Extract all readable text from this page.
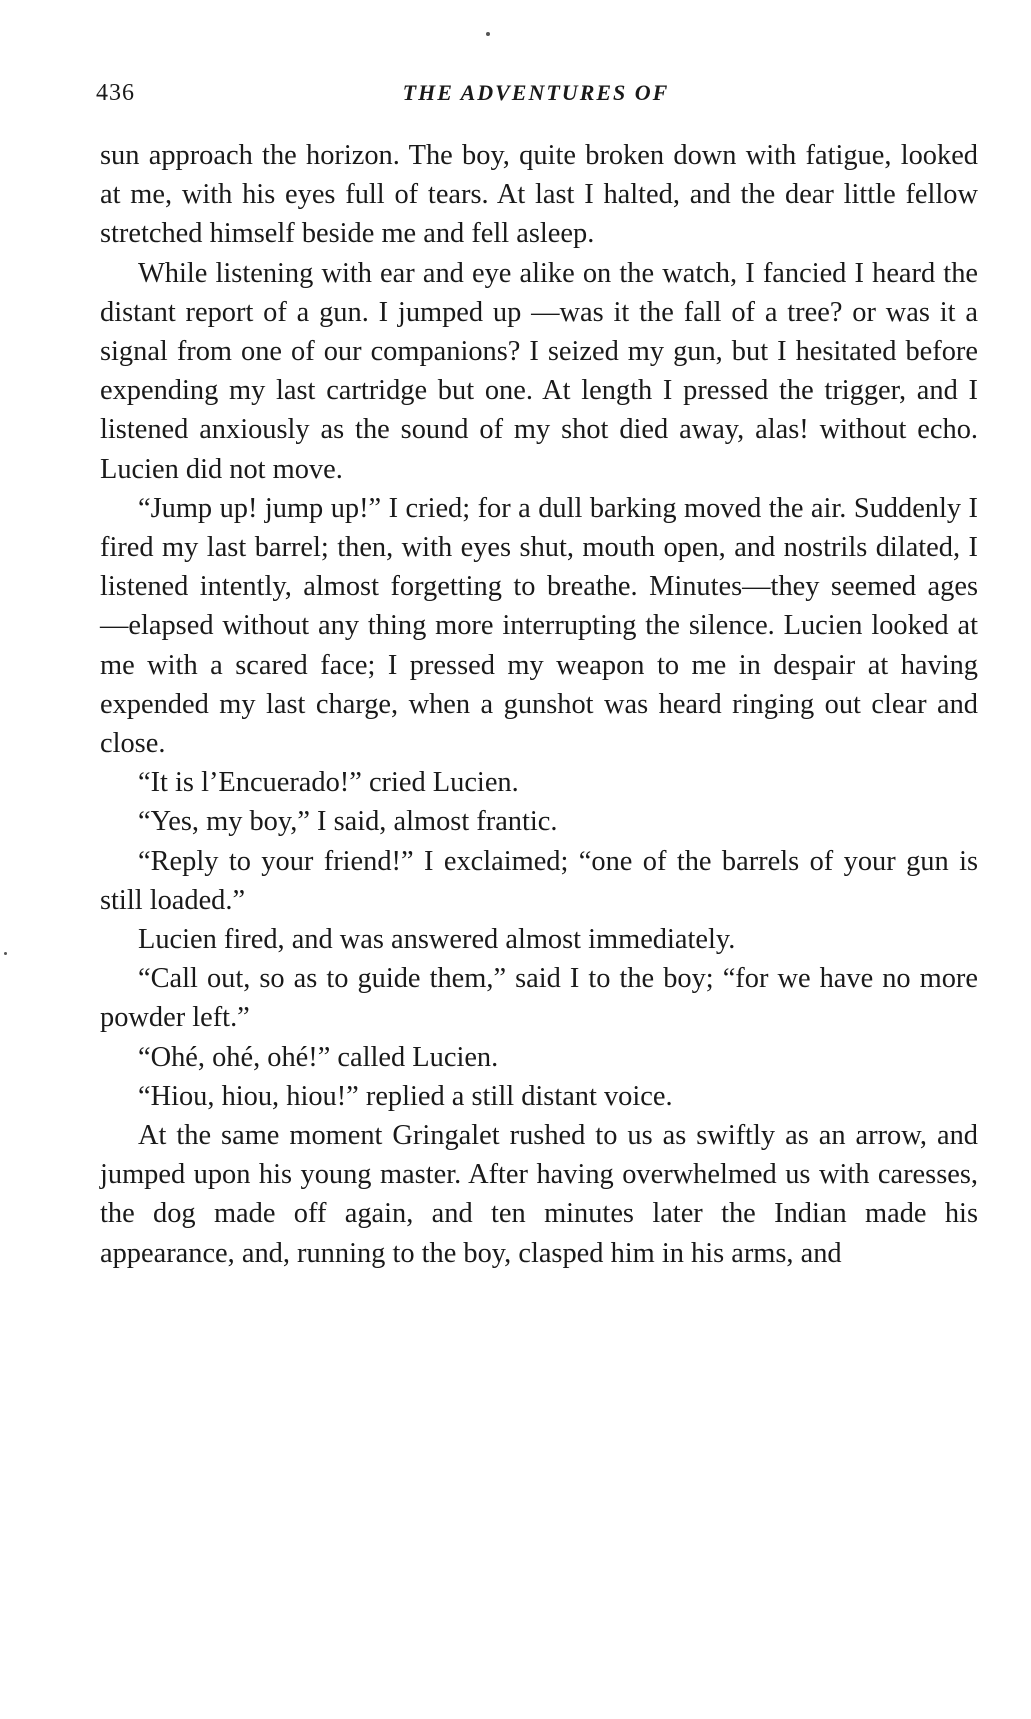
436	THE ADVENTURES OF

sun approach the horizon. The boy, quite broken down with fatigue, looked at me, with his eyes full of tears. At last I halted, and the dear little fellow stretched himself beside me and fell asleep.

While listening with ear and eye alike on the watch, I fancied I heard the distant report of a gun. I jumped up —was it the fall of a tree? or was it a signal from one of our companions? I seized my gun, but I hesitated before expending my last cartridge but one. At length I pressed the trigger, and I listened anxiously as the sound of my shot died away, alas! without echo. Lucien did not move.

“Jump up! jump up!” I cried; for a dull barking moved the air. Suddenly I fired my last barrel; then, with eyes shut, mouth open, and nostrils dilated, I listened intently, almost forgetting to breathe. Minutes—they seemed ages —elapsed without any thing more interrupting the silence. Lucien looked at me with a scared face; I pressed my weapon to me in despair at having expended my last charge, when a gunshot was heard ringing out clear and close.

“It is l’Encuerado!” cried Lucien.

“Yes, my boy,” I said, almost frantic.

“Reply to your friend!” I exclaimed; “one of the barrels of your gun is still loaded.”

Lucien fired, and was answered almost immediately.

“Call out, so as to guide them,” said I to the boy; “for we have no more powder left.”

“Ohé, ohé, ohé!” called Lucien.

“Hiou, hiou, hiou!” replied a still distant voice.

At the same moment Gringalet rushed to us as swiftly as an arrow, and jumped upon his young master. After having overwhelmed us with caresses, the dog made off again, and ten minutes later the Indian made his appearance, and, running to the boy, clasped him in his arms, and
